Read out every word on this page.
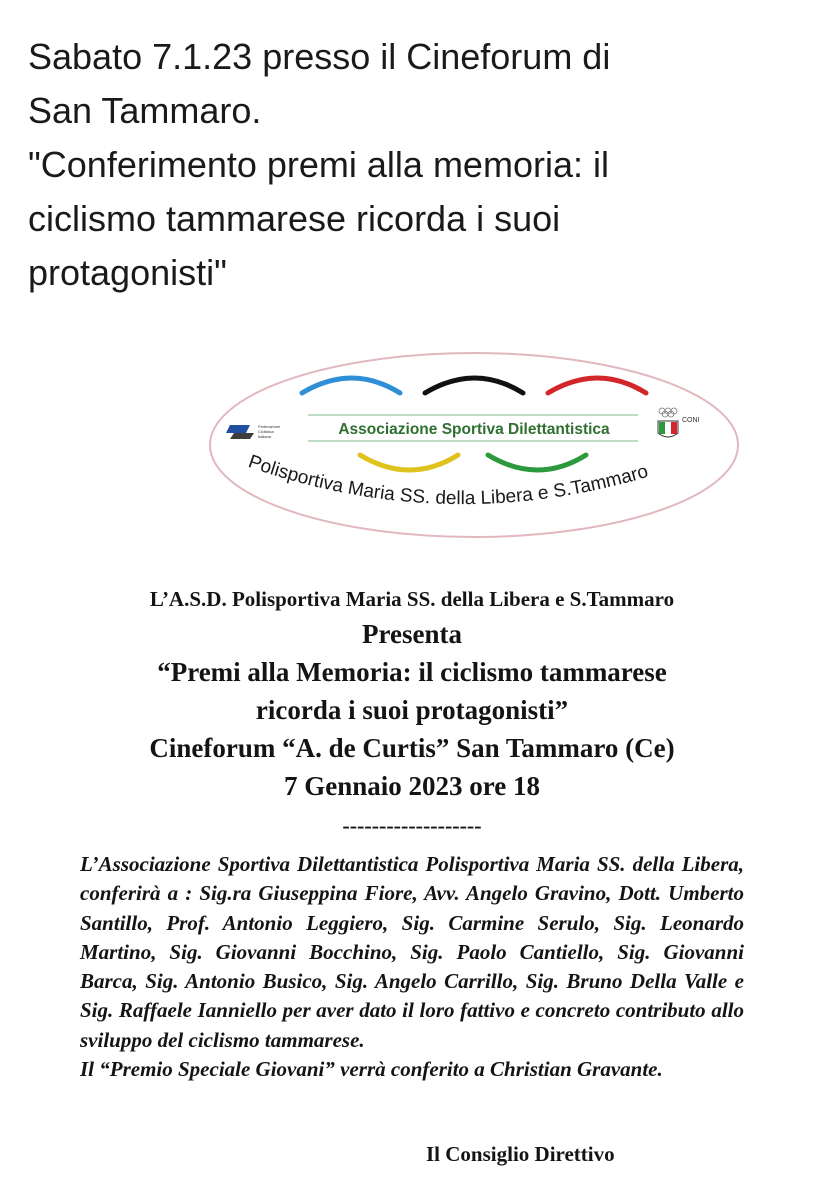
Sabato 7.1.23 presso il Cineforum di
San Tammaro.
"Conferimento premi alla memoria: il
ciclismo tammarese ricorda i suoi
protagonisti"
Associazione Sportiva Dilettantistica
Federazione
Ciclistica
Italiana
CONI
Polisportiva Maria SS. della Libera e S.Tammaro
L’A.S.D. Polisportiva Maria SS. della Libera e S.Tammaro
Presenta
“Premi alla Memoria: il ciclismo tammarese
ricorda i suoi protagonisti”
Cineforum “A. de Curtis” San Tammaro (Ce)
7 Gennaio 2023 ore 18
-------------------

L’Associazione Sportiva Dilettantistica Polisportiva Maria SS. della Libera, conferirà a : Sig.ra Giuseppina Fiore, Avv. Angelo Gravino, Dott. Umberto Santillo, Prof. Antonio Leggiero, Sig. Carmine Serulo, Sig. Leonardo Martino, Sig. Giovanni Bocchino, Sig. Paolo Cantiello, Sig. Giovanni Barca, Sig. Antonio Busico, Sig. Angelo Carrillo, Sig. Bruno Della Valle e Sig. Raffaele Ianniello per aver dato il loro fattivo e concreto contributo allo sviluppo del ciclismo tammarese.

Il “Premio Speciale Giovani” verrà conferito a Christian Gravante.

Il Consiglio Direttivo
